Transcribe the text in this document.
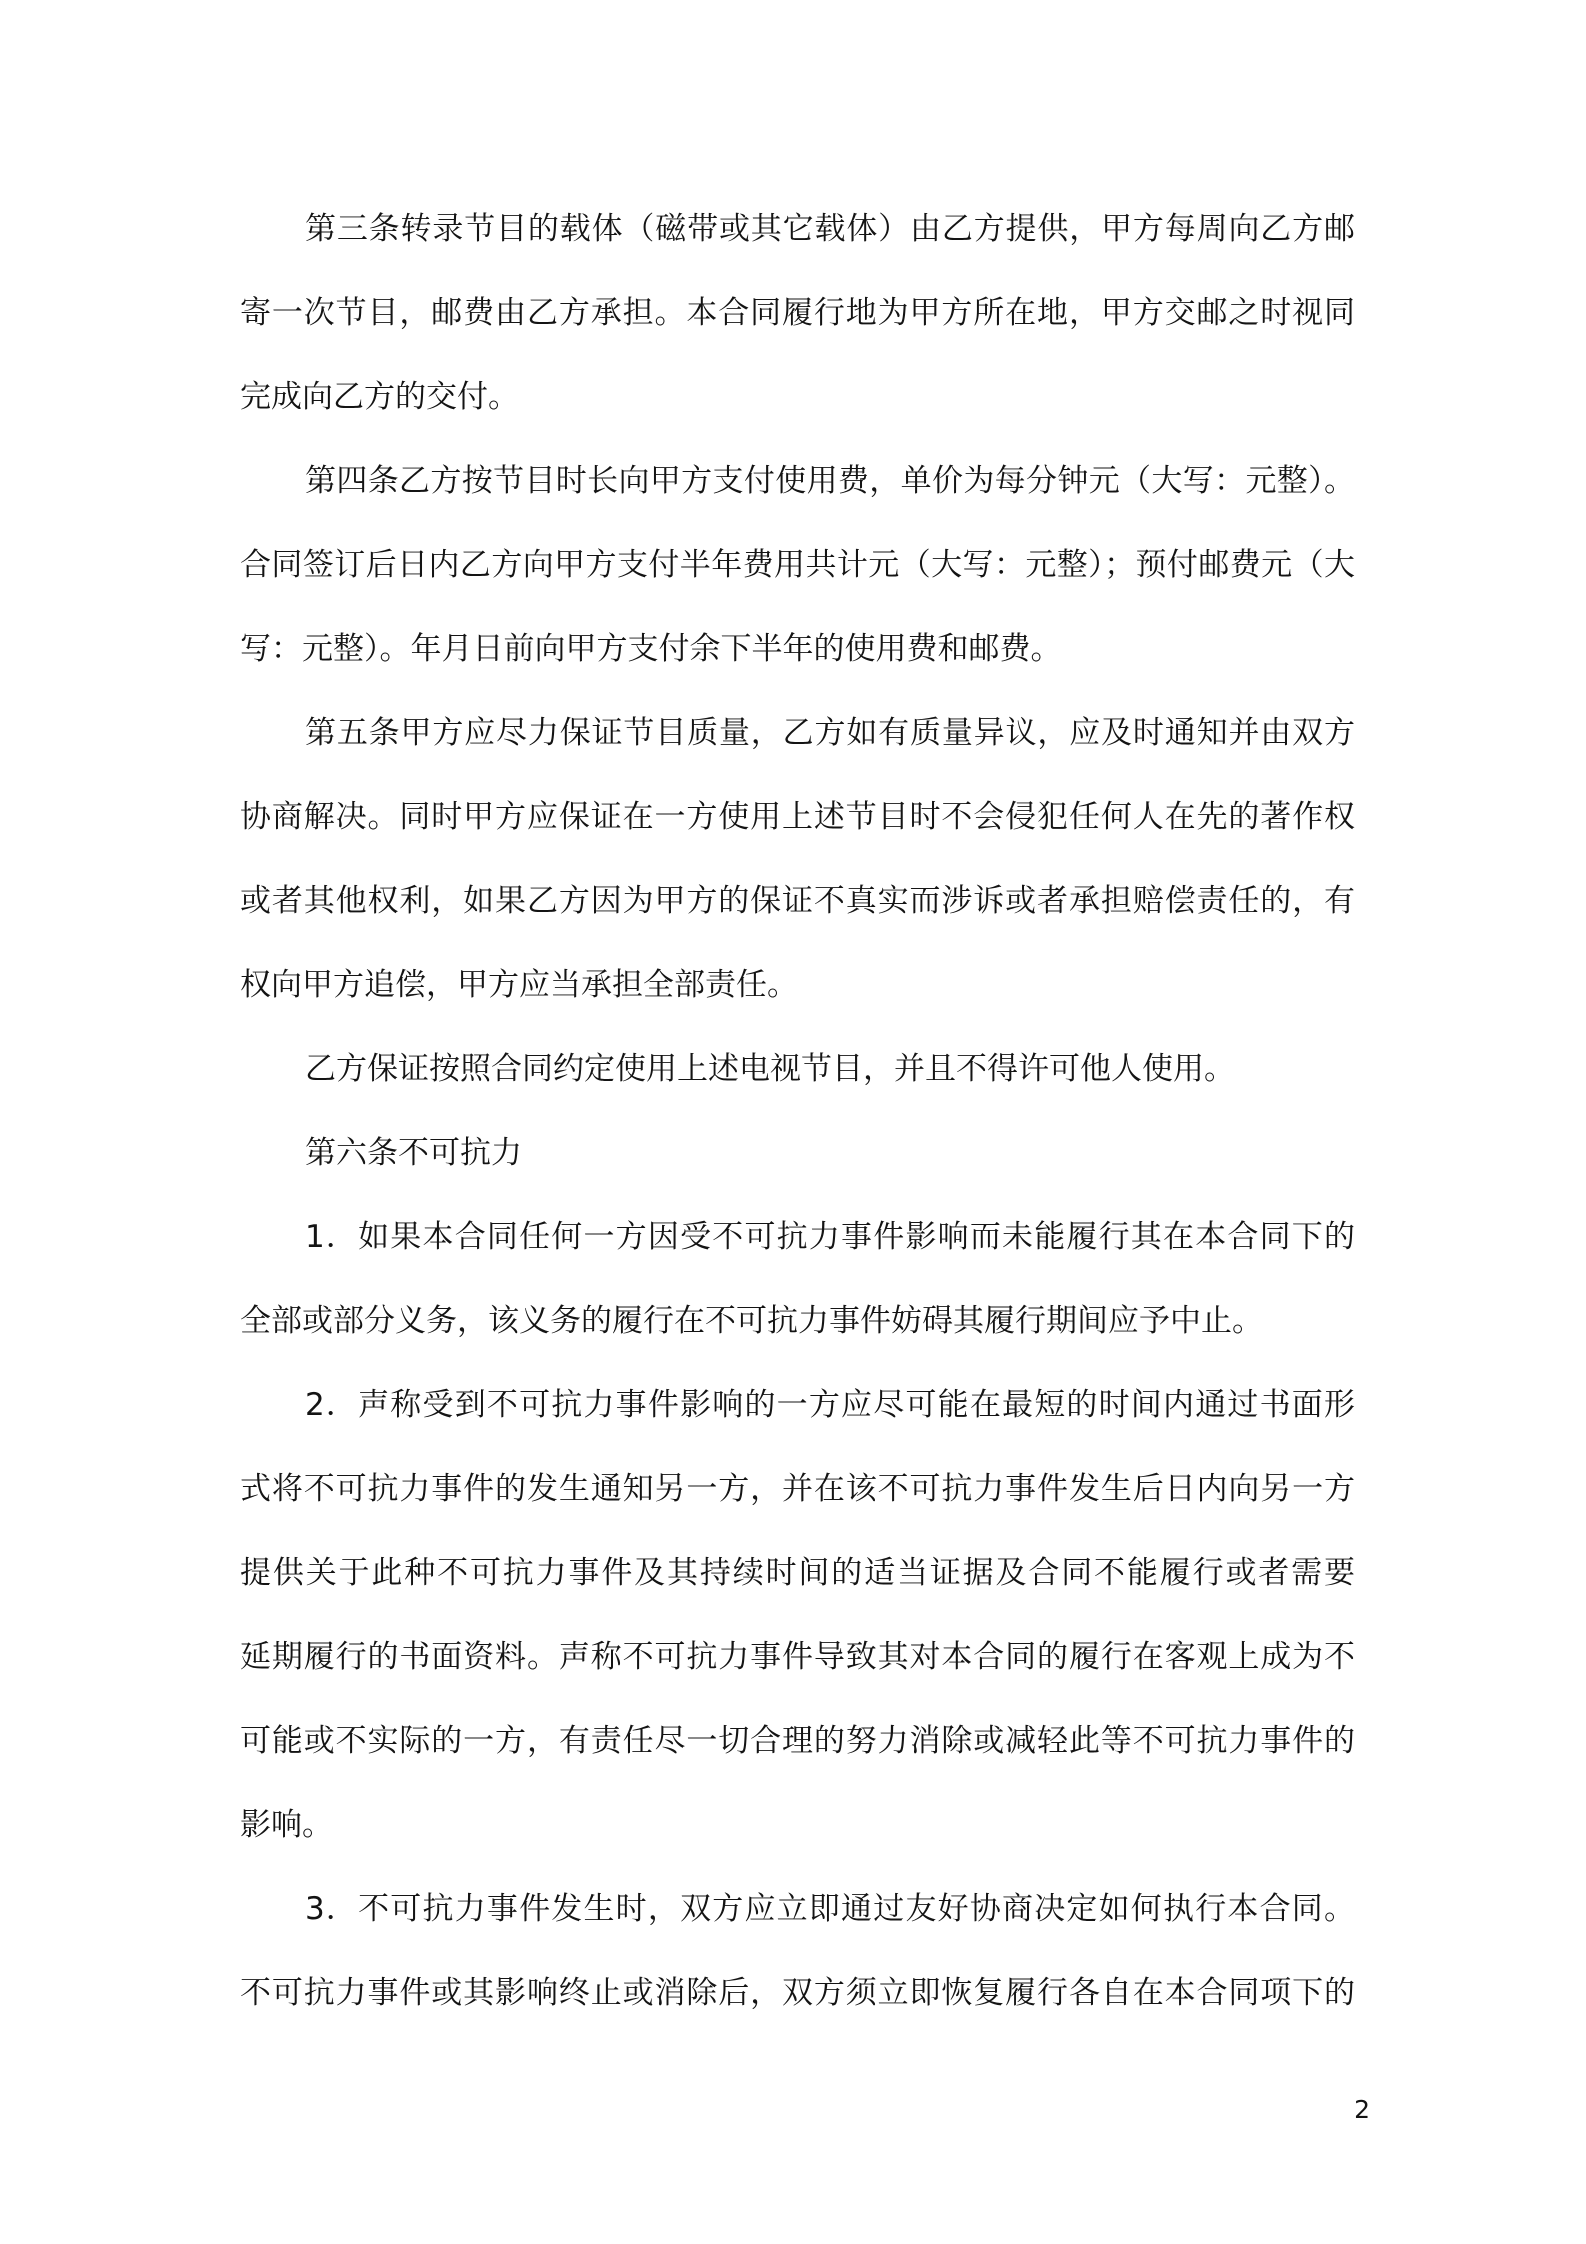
第三条转录节目的载体（磁带或其它载体）由乙方提供，甲方每周向乙方邮
寄一次节目，邮费由乙方承担。本合同履行地为甲方所在地，甲方交邮之时视同
完成向乙方的交付。
第四条乙方按节目时长向甲方支付使用费，单价为每分钟元（大写：元整）。
合同签订后日内乙方向甲方支付半年费用共计元（大写：元整）；预付邮费元（大
写：元整）。年月日前向甲方支付余下半年的使用费和邮费。
第五条甲方应尽力保证节目质量，乙方如有质量异议，应及时通知并由双方
协商解决。同时甲方应保证在一方使用上述节目时不会侵犯任何人在先的著作权
或者其他权利，如果乙方因为甲方的保证不真实而涉诉或者承担赔偿责任的，有
权向甲方追偿，甲方应当承担全部责任。
乙方保证按照合同约定使用上述电视节目，并且不得许可他人使用。
第六条不可抗力
1．如果本合同任何一方因受不可抗力事件影响而未能履行其在本合同下的
全部或部分义务，该义务的履行在不可抗力事件妨碍其履行期间应予中止。
2．声称受到不可抗力事件影响的一方应尽可能在最短的时间内通过书面形
式将不可抗力事件的发生通知另一方，并在该不可抗力事件发生后日内向另一方
提供关于此种不可抗力事件及其持续时间的适当证据及合同不能履行或者需要
延期履行的书面资料。声称不可抗力事件导致其对本合同的履行在客观上成为不
可能或不实际的一方，有责任尽一切合理的努力消除或减轻此等不可抗力事件的
影响。
3．不可抗力事件发生时，双方应立即通过友好协商决定如何执行本合同。
不可抗力事件或其影响终止或消除后，双方须立即恢复履行各自在本合同项下的
2
